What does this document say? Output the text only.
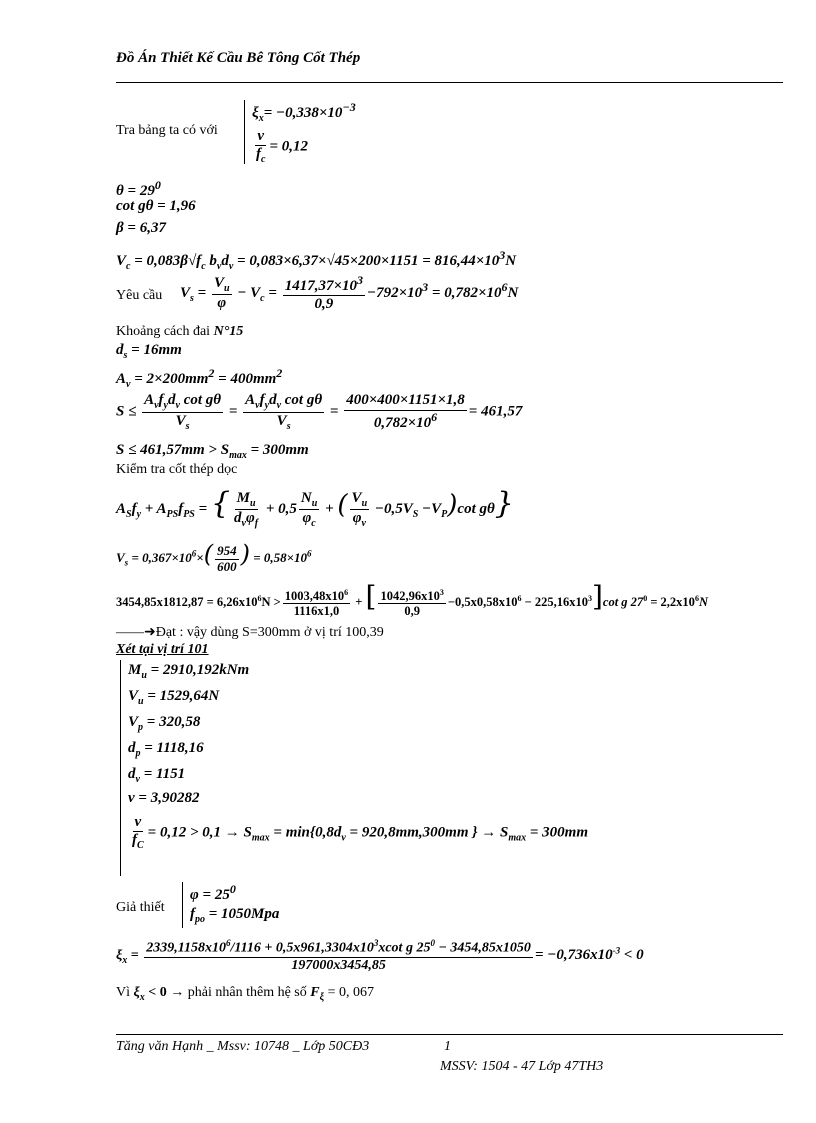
Đồ Án Thiết Kế Cầu Bê Tông Cốt Thép
Tra bảng ta có với
$\xi_x= -0,338\times 10^{-3}$
$\frac{v}{f_c} = 0,12$
$\theta = 29^0$
cot gθ = 1,96
β = 6,37
$V_c = 0,083\beta√f_c$ $b_vd_v = 0,083\times 6,37\times√45\times 200\times 1151 = 816,44\times 10^3N$
Yêu cầu $V_s = \frac{V_u}{\varphi} - V_c = \frac{1417,37\times 10^3}{0,9} -792\times 10^3 = 0,782\times 10^6N$
Khoảng cách đai N°15
$d_s = 16mm$
$A_v = 2\times 200mm^2 = 400mm^2$
$S \le \frac{A_vf_yd_v \cot g\theta}{V_s} = \frac{A_vf_yd_v \cot g\theta}{V_s} = \frac{400\times 400\times 1151\times 1,8}{0,782\times 10^6} = 461,57$
$S \le 461,57mm > S_{max} = 300mm$
Kiểm tra cốt thép dọc
$A_Sf_y + A_{PS}f_{PS}$ = { $\frac{M_u}{d_v\varphi_f} + 0,5 \frac{N_u}{\varphi_c}$ + ( $\frac{V_u}{\varphi_v} -0,5V_S -V_P)\cot$ gθ}
$V_s = 0,367\times 10^6\times( \frac{954}{600}$ ) = $0,58\times 10^6$
$3454,85x1812,87 = 6,26x10^6N > \frac{1003,48x10^6}{1116x1,0}$ + [ $\frac{1042,96x10^3}{0,9} -0,5x0,58x10^6 - 225,16x10^3]\cot$ g $27^0 = 2,2x10^6N$
——➜Đạt : vậy dùng S=300mm ở vị trí 100,39
Xét tại vị trí 101
$M_u = 2910,192kNm$
$V_u = 1529,64N$
$V_p = 320,58$
$d_p = 1118,16$
$d_v = 1151$
v = 3,90282
$\frac{v}{f_C} = 0,12 > 0,1 \to S_{max} = \min\{0,8d_v = 920,8mm,300mm$ } → $S_{max} = 300mm$
Giả thiết
$\varphi = 25^0$
$f_{po} = 1050Mpa$
$\xi_x = 2339,1158x10^6/1116 + 0,5x961,3304x10^3xcot$ g $25^0 - 3454,85x1050$
197000x3454,85
= $-0,736x10^{-3} < 0$
Vì $\xi_x < 0$ → phải nhân thêm hệ số $F_\xi = 0$, 067
Tăng văn Hạnh _ Mssv: 10748 _ Lớp 50CĐ3	1
MSSV: 1504 - 47 Lớp 47TH3
